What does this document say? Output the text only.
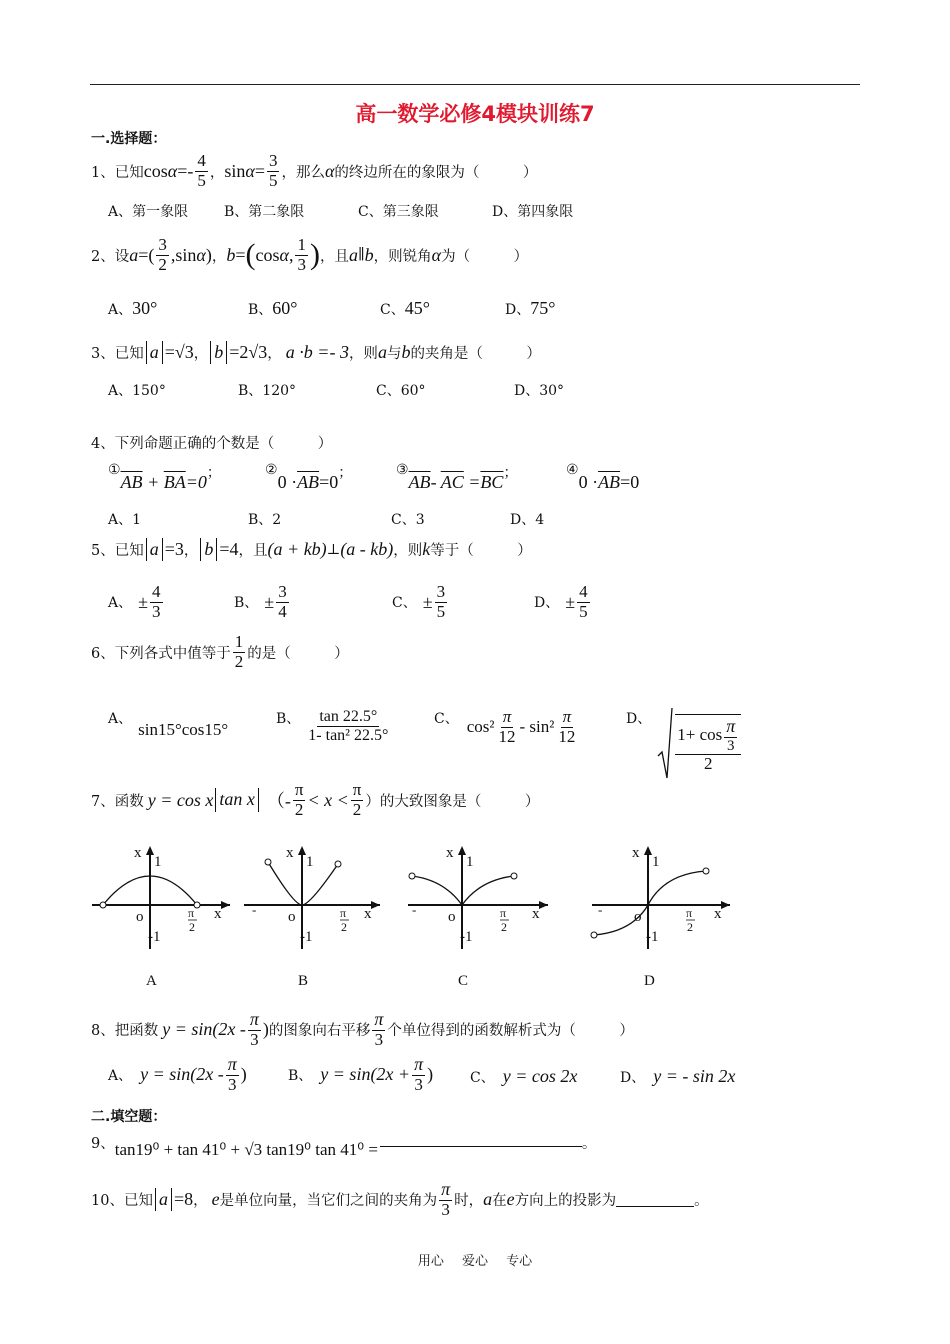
高一数学必修4模块训练7
一.选择题：
1、已知 $\cos \alpha =- \frac{4}{5}$ ， $\sin \alpha = \frac{3}{5}$ ，那么 α 的终边所在的象限为（　　　）
A、第一象限	B、第二象限	C、第三象限	D、第四象限
2、设 a =( $\frac{3}{2} ,\sin$ α ) ， b = ( cos α , $\frac{1}{3}$ ) ，且 a ∥ b ，则锐角 α 为（　　　）
A、 30°	B、 60°	C、 45°	D、 75°
3、已知 a =√3 ， b =2√3 ， a ·b =- 3 ，则 a 与 b 的夹角是（　　　）
A、150°	B、120°	C、60°	D、30°
4、下列命题正确的个数是（　　　）
①
$\overline{AB} + \overline{BA}=0$ ；	②
$0 \cdot\overline{AB}=0$ ；	③
$\overline{AB}-$ $\overline{AC} =\overline{BC}$ ；	④
$0 \cdot\overline{AB}=0$
A、1	B、2	C、3	D、4
5、已知 a =3 ， b =4 ，且 (a + kb) ⊥ (a - kb) ，则 k 等于（　　　）
A、 ± $\frac{4}{3}$	B、 ± $\frac{3}{4}$	C、 ± $\frac{3}{5}$	D、 ± $\frac{4}{5}$
6、下列各式中值等于 $\frac{1}{2}$ 的是（　　　）
A、
sin15°cos15°
B、 $\frac{\tan 22.5^\circ}{\text{1- tan² 22.5°}}$	C、 $\cos^2 \frac{\pi}{12} - \sin^2 \frac{\pi}{12}$	D、 $\frac{1+ \cos \frac{\pi}{3}}{2}$
7、函数 y = cos x tan x （- $\frac{\pi}{2} < x < \frac{\pi}{2}$ ）的大致图象是（　　　）
x
1
o
-1
x
π
2
A
x
1
o
-1
x
π
2
-
B
x
1
o
-1
x
π
2
-
C
x
1
o
-1
x
π
2
-
D
8、把函数 $y = \sin(2x - \frac{\pi}{3}$ ) 的图象向右平移 $\frac{\pi}{3}$ 个单位得到的函数解析式为（　　　）
A、 $y = \sin(2x - \frac{\pi}{3}$ )	B、 $y = \sin(2x + \frac{\pi}{3}$ )	C、 y = cos 2x	D、 y = - sin 2x
二.填空题：
9、 tan19⁰ + tan 41⁰ + √3 tan19⁰ tan 41⁰ =	。
10、已知 a =8 ， e 是单位向量，当它们之间的夹角为 $\frac{\pi}{3}$ 时， a 在 e 方向上的投影为	。
用心 爱心 专心
